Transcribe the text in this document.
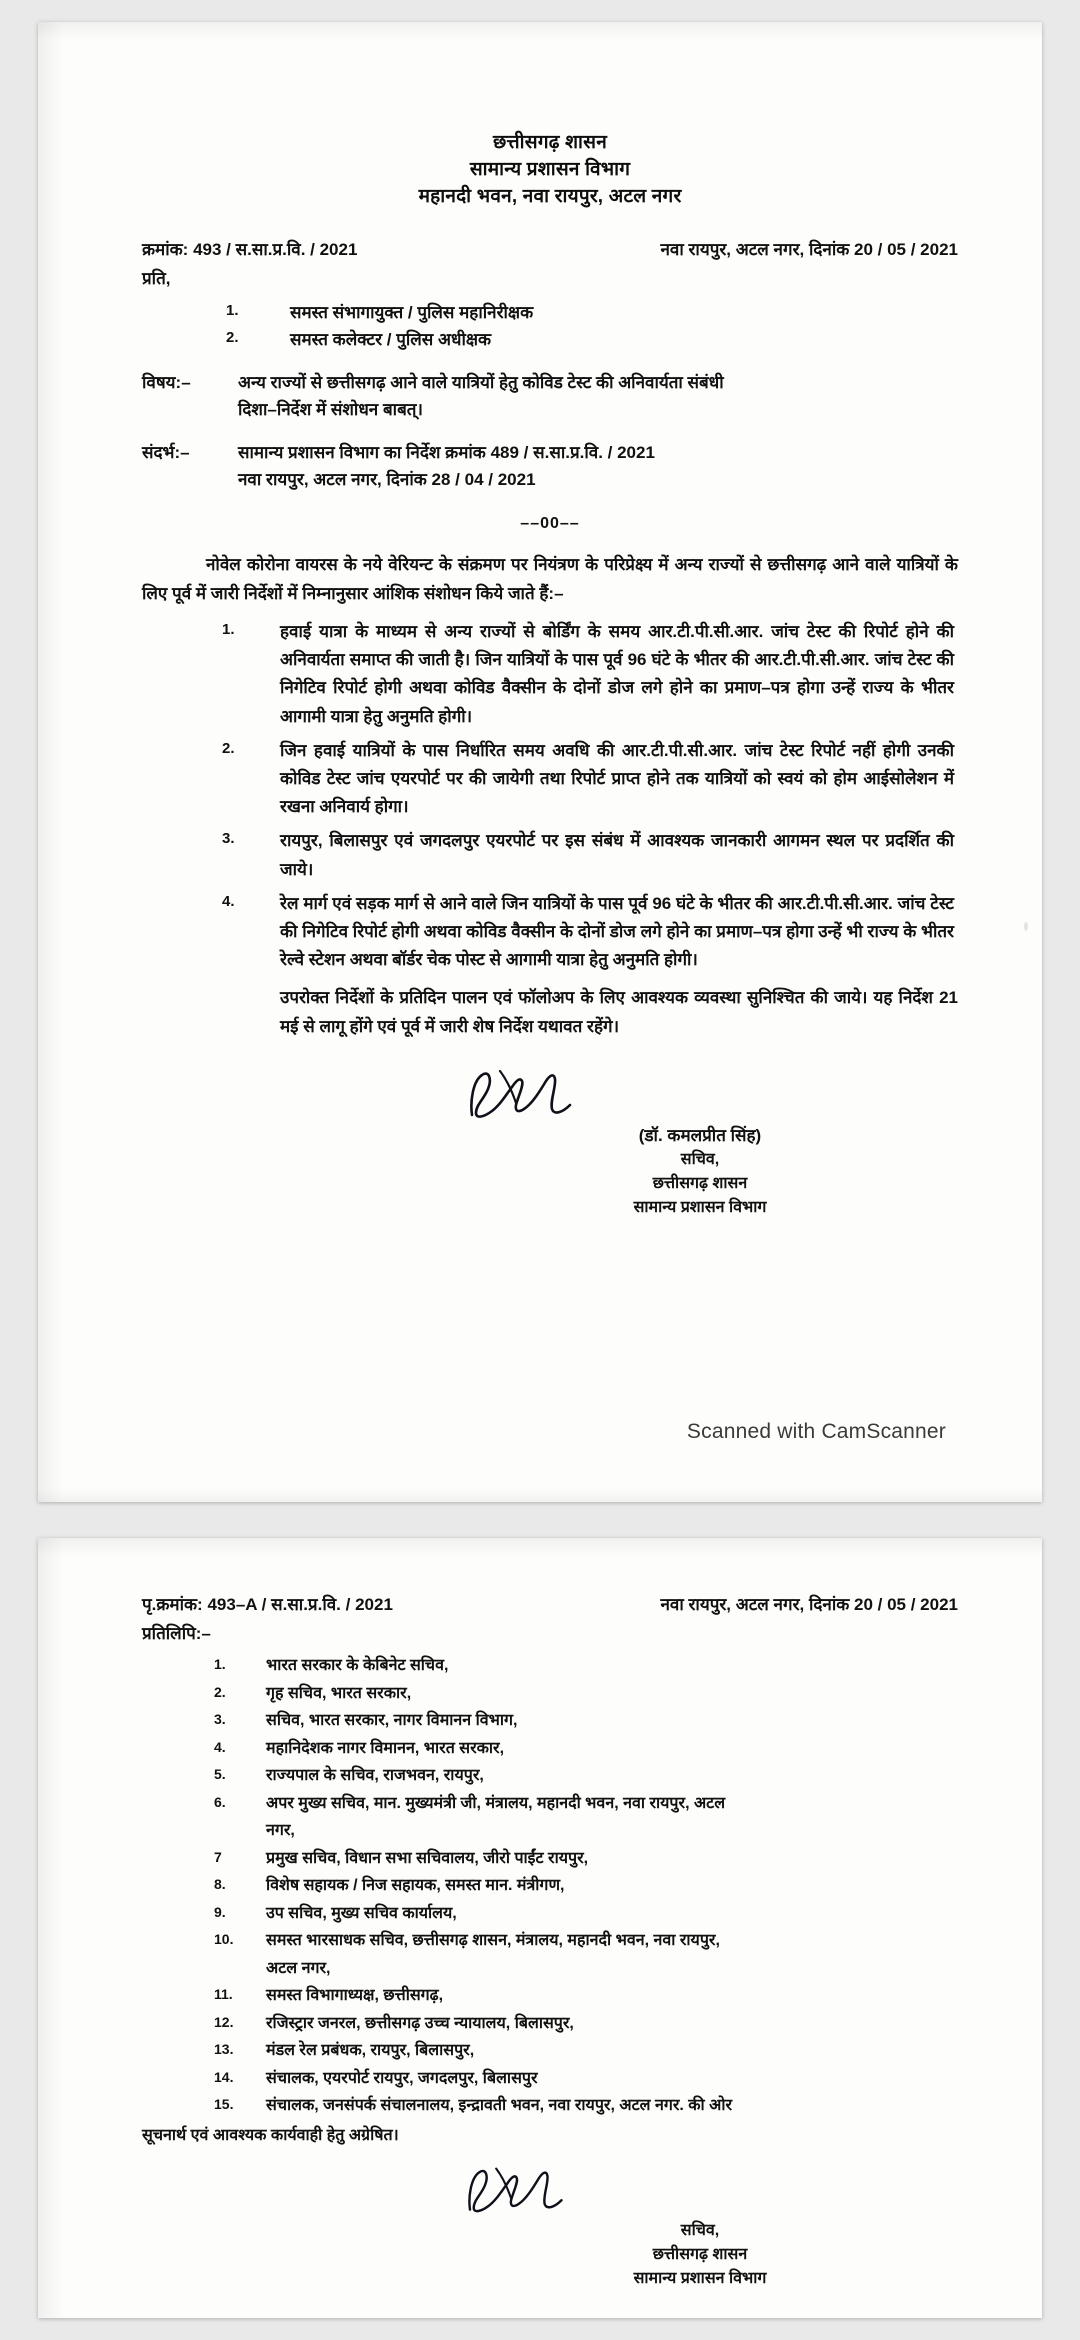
छत्तीसगढ़ शासन
सामान्य प्रशासन विभाग
महानदी भवन, नवा रायपुर, अटल नगर
क्रमांक: 493 / स.सा.प्र.वि. / 2021	नवा रायपुर, अटल नगर, दिनांक 20 / 05 / 2021
प्रति,
1.	समस्त संभागायुक्त / पुलिस महानिरीक्षक
2.	समस्त कलेक्टर / पुलिस अधीक्षक
विषय:–	अन्य राज्यों से छत्तीसगढ़ आने वाले यात्रियों हेतु कोविड टेस्ट की अनिवार्यता संबंधी
दिशा–निर्देश में संशोधन बाबत्।
संदर्भ:–	सामान्य प्रशासन विभाग का निर्देश क्रमांक 489 / स.सा.प्र.वि. / 2021
नवा रायपुर, अटल नगर, दिनांक 28 / 04 / 2021
––00––
नोवेल कोरोना वायरस के नये वेरियन्ट के संक्रमण पर नियंत्रण के परिप्रेक्ष्य में अन्य राज्यों से छत्तीसगढ़ आने वाले यात्रियों के लिए पूर्व में जारी निर्देशों में निम्नानुसार आंशिक संशोधन किये जाते हैं:–
1.	हवाई यात्रा के माध्यम से अन्य राज्यों से बोर्डिंग के समय आर.टी.पी.सी.आर. जांच टेस्ट की रिपोर्ट होने की अनिवार्यता समाप्त की जाती है। जिन यात्रियों के पास पूर्व 96 घंटे के भीतर की आर.टी.पी.सी.आर. जांच टेस्ट की निगेटिव रिपोर्ट होगी अथवा कोविड वैक्सीन के दोनों डोज लगे होने का प्रमाण–पत्र होगा उन्हें राज्य के भीतर आगामी यात्रा हेतु अनुमति होगी।
2.	जिन हवाई यात्रियों के पास निर्धारित समय अवधि की आर.टी.पी.सी.आर. जांच टेस्ट रिपोर्ट नहीं होगी उनकी कोविड टेस्ट जांच एयरपोर्ट पर की जायेगी तथा रिपोर्ट प्राप्त होने तक यात्रियों को स्वयं को होम आईसोलेशन में रखना अनिवार्य होगा।
3.	रायपुर, बिलासपुर एवं जगदलपुर एयरपोर्ट पर इस संबंध में आवश्यक जानकारी आगमन स्थल पर प्रदर्शित की जाये।
4.	रेल मार्ग एवं सड़क मार्ग से आने वाले जिन यात्रियों के पास पूर्व 96 घंटे के भीतर की आर.टी.पी.सी.आर. जांच टेस्ट की निगेटिव रिपोर्ट होगी अथवा कोविड वैक्सीन के दोनों डोज लगे होने का प्रमाण–पत्र होगा उन्हें भी राज्य के भीतर रेल्वे स्टेशन अथवा बॉर्डर चेक पोस्ट से आगामी यात्रा हेतु अनुमति होगी।
उपरोक्त निर्देशों के प्रतिदिन पालन एवं फॉलोअप के लिए आवश्यक व्यवस्था सुनिश्चित की जाये। यह निर्देश 21 मई से लागू होंगे एवं पूर्व में जारी शेष निर्देश यथावत रहेंगे।
(डॉ. कमलप्रीत सिंह)
सचिव,
छत्तीसगढ़ शासन
सामान्य प्रशासन विभाग
Scanned with CamScanner
पृ.क्रमांक: 493–A / स.सा.प्र.वि. / 2021	नवा रायपुर, अटल नगर, दिनांक 20 / 05 / 2021
प्रतिलिपि:–
1.	भारत सरकार के केबिनेट सचिव,
2.	गृह सचिव, भारत सरकार,
3.	सचिव, भारत सरकार, नागर विमानन विभाग,
4.	महानिदेशक नागर विमानन, भारत सरकार,
5.	राज्यपाल के सचिव, राजभवन, रायपुर,
6.	अपर मुख्य सचिव, मान. मुख्यमंत्री जी, मंत्रालय, महानदी भवन, नवा रायपुर, अटल
नगर,
7	प्रमुख सचिव, विधान सभा सचिवालय, जीरो पाईंट रायपुर,
8.	विशेष सहायक / निज सहायक, समस्त मान. मंत्रीगण,
9.	उप सचिव, मुख्य सचिव कार्यालय,
10.	समस्त भारसाधक सचिव, छत्तीसगढ़ शासन, मंत्रालय, महानदी भवन, नवा रायपुर,
अटल नगर,
11.	समस्त विभागाध्यक्ष, छत्तीसगढ़,
12.	रजिस्ट्रार जनरल, छत्तीसगढ़ उच्च न्यायालय, बिलासपुर,
13.	मंडल रेल प्रबंधक, रायपुर, बिलासपुर,
14.	संचालक, एयरपोर्ट रायपुर, जगदलपुर, बिलासपुर
15.	संचालक, जनसंपर्क संचालनालय, इन्द्रावती भवन, नवा रायपुर, अटल नगर. की ओर
सूचनार्थ एवं आवश्यक कार्यवाही हेतु अग्रेषित।
सचिव,
छत्तीसगढ़ शासन
सामान्य प्रशासन विभाग
